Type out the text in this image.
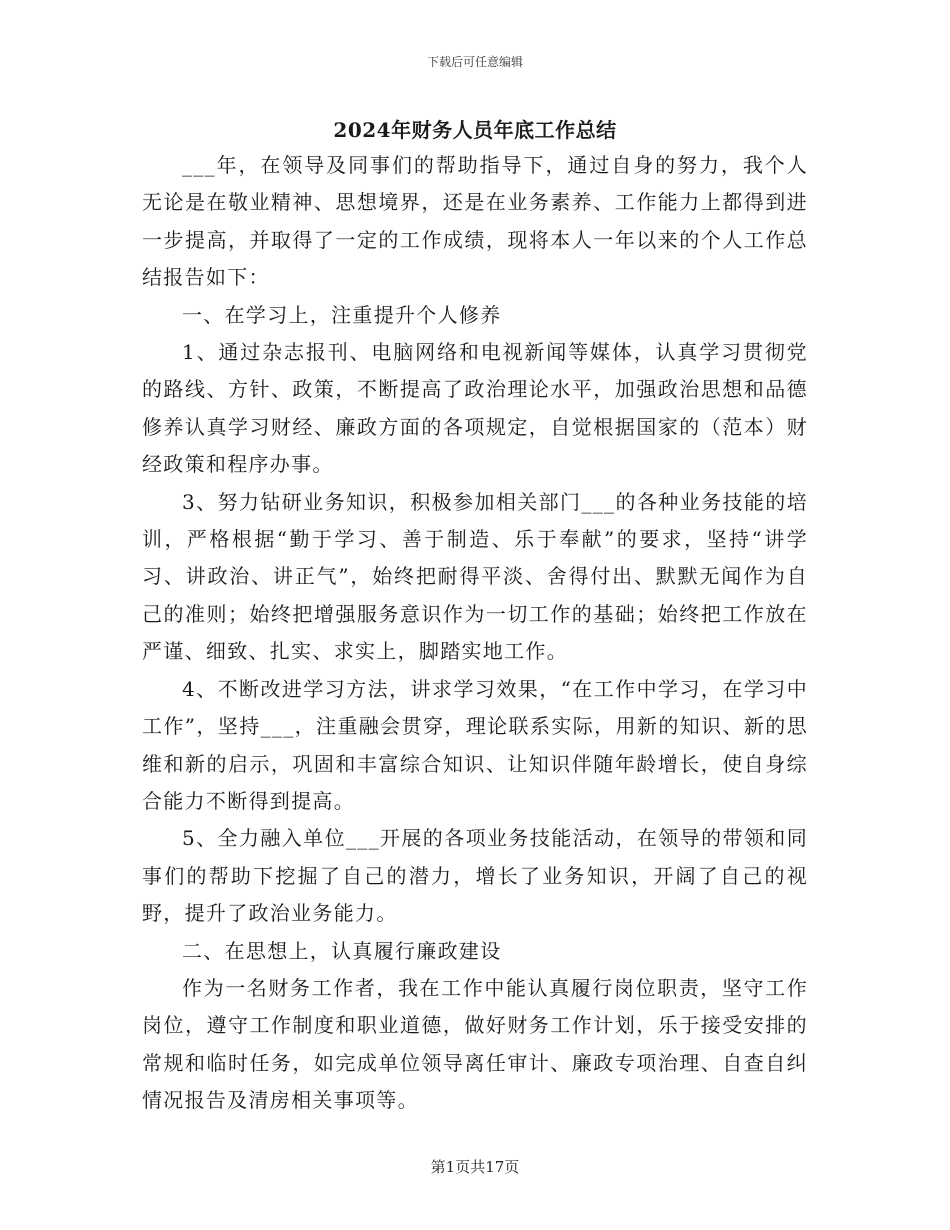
下载后可任意编辑
2024年财务人员年底工作总结

___年，在领导及同事们的帮助指导下，通过自身的努力，我个人无论是在敬业精神、思想境界，还是在业务素养、工作能力上都得到进一步提高，并取得了一定的工作成绩，现将本人一年以来的个人工作总结报告如下：

一、在学习上，注重提升个人修养

1、通过杂志报刊、电脑网络和电视新闻等媒体，认真学习贯彻党的路线、方针、政策，不断提高了政治理论水平，加强政治思想和品德修养认真学习财经、廉政方面的各项规定，自觉根据国家的（范本）财经政策和程序办事。

3、努力钻研业务知识，积极参加相关部门___的各种业务技能的培训，严格根据“勤于学习、善于制造、乐于奉献”的要求，坚持“讲学习、讲政治、讲正气”，始终把耐得平淡、舍得付出、默默无闻作为自己的准则；始终把增强服务意识作为一切工作的基础；始终把工作放在严谨、细致、扎实、求实上，脚踏实地工作。

4、不断改进学习方法，讲求学习效果，“在工作中学习，在学习中工作”，坚持___，注重融会贯穿，理论联系实际，用新的知识、新的思维和新的启示，巩固和丰富综合知识、让知识伴随年龄增长，使自身综合能力不断得到提高。

5、全力融入单位___开展的各项业务技能活动，在领导的带领和同事们的帮助下挖掘了自己的潜力，增长了业务知识，开阔了自己的视野，提升了政治业务能力。

二、在思想上，认真履行廉政建设

作为一名财务工作者，我在工作中能认真履行岗位职责，坚守工作岗位，遵守工作制度和职业道德，做好财务工作计划，乐于接受安排的常规和临时任务，如完成单位领导离任审计、廉政专项治理、自查自纠情况报告及清房相关事项等。

第1页共17页
